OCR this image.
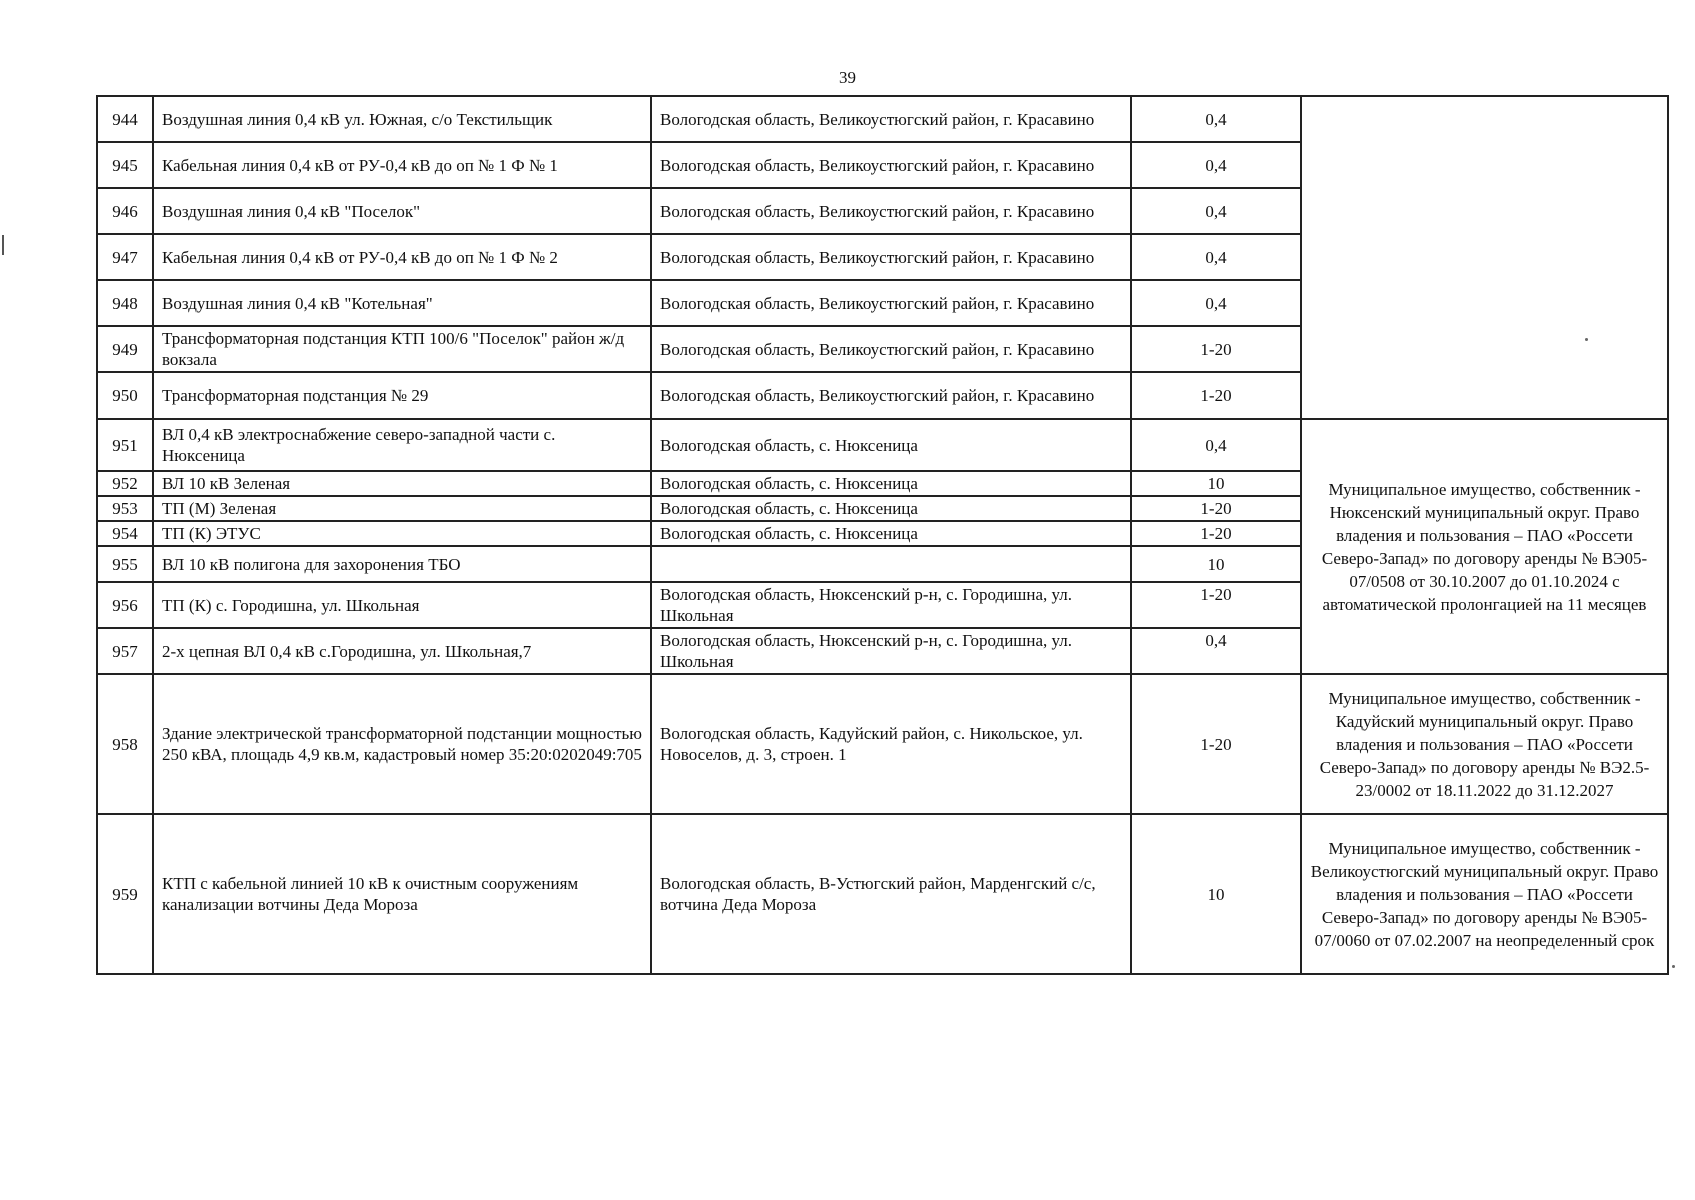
39
944	Воздушная линия 0,4 кВ ул. Южная, с/о Текстильщик	Вологодская область, Великоустюгский район, г. Красавино	0,4	
945	Кабельная линия 0,4 кВ от РУ-0,4 кВ до оп № 1 Ф № 1	Вологодская область, Великоустюгский район, г. Красавино	0,4	
946	Воздушная линия 0,4 кВ "Поселок"	Вологодская область, Великоустюгский район, г. Красавино	0,4	
947	Кабельная линия 0,4 кВ от РУ-0,4 кВ до оп № 1 Ф № 2	Вологодская область, Великоустюгский район, г. Красавино	0,4	
948	Воздушная линия 0,4 кВ "Котельная"	Вологодская область, Великоустюгский район, г. Красавино	0,4	
949	Трансформаторная подстанция КТП 100/6 "Поселок" район ж/д вокзала	Вологодская область, Великоустюгский район, г. Красавино	1-20	
950	Трансформаторная подстанция № 29	Вологодская область, Великоустюгский район, г. Красавино	1-20	
951	ВЛ 0,4 кВ электроснабжение северо-западной части с. Нюксеница	Вологодская область, с. Нюксеница	0,4	Муниципальное имущество, собственник - Нюксенский муниципальный округ. Право владения и пользования – ПАО «Россети Северо-Запад» по договору аренды № ВЭ05-07/0508 от 30.10.2007 до 01.10.2024 с автоматической пролонгацией на 11 месяцев
952	ВЛ 10 кВ Зеленая	Вологодская область, с. Нюксеница	10	
953	ТП (М) Зеленая	Вологодская область, с. Нюксеница	1-20	
954	ТП (К) ЭТУС	Вологодская область, с. Нюксеница	1-20	
955	ВЛ 10 кВ полигона для захоронения ТБО		10	
956	ТП (К) с. Городишна, ул. Школьная	Вологодская область, Нюксенский р-н, с. Городишна, ул. Школьная	1-20	
957	2-х цепная ВЛ 0,4 кВ с.Городишна, ул. Школьная,7	Вологодская область, Нюксенский р-н, с. Городишна, ул. Школьная	0,4	
958	Здание электрической трансформаторной подстанции мощностью 250 кВА, площадь 4,9 кв.м, кадастровый номер 35:20:0202049:705	Вологодская область, Кадуйский район, с. Никольское, ул. Новоселов, д. 3, строен. 1	1-20	Муниципальное имущество, собственник - Кадуйский муниципальный округ. Право владения и пользования – ПАО «Россети Северо-Запад» по договору аренды № ВЭ2.5-23/0002 от 18.11.2022 до 31.12.2027
959	КТП с кабельной линией 10 кВ к очистным сооружениям канализации вотчины Деда Мороза	Вологодская область, В-Устюгский район, Марденгский с/с, вотчина Деда Мороза	10	Муниципальное имущество, собственник - Великоустюгский муниципальный округ. Право владения и пользования – ПАО «Россети Северо-Запад» по договору аренды № ВЭ05-07/0060 от 07.02.2007 на неопределенный срок
